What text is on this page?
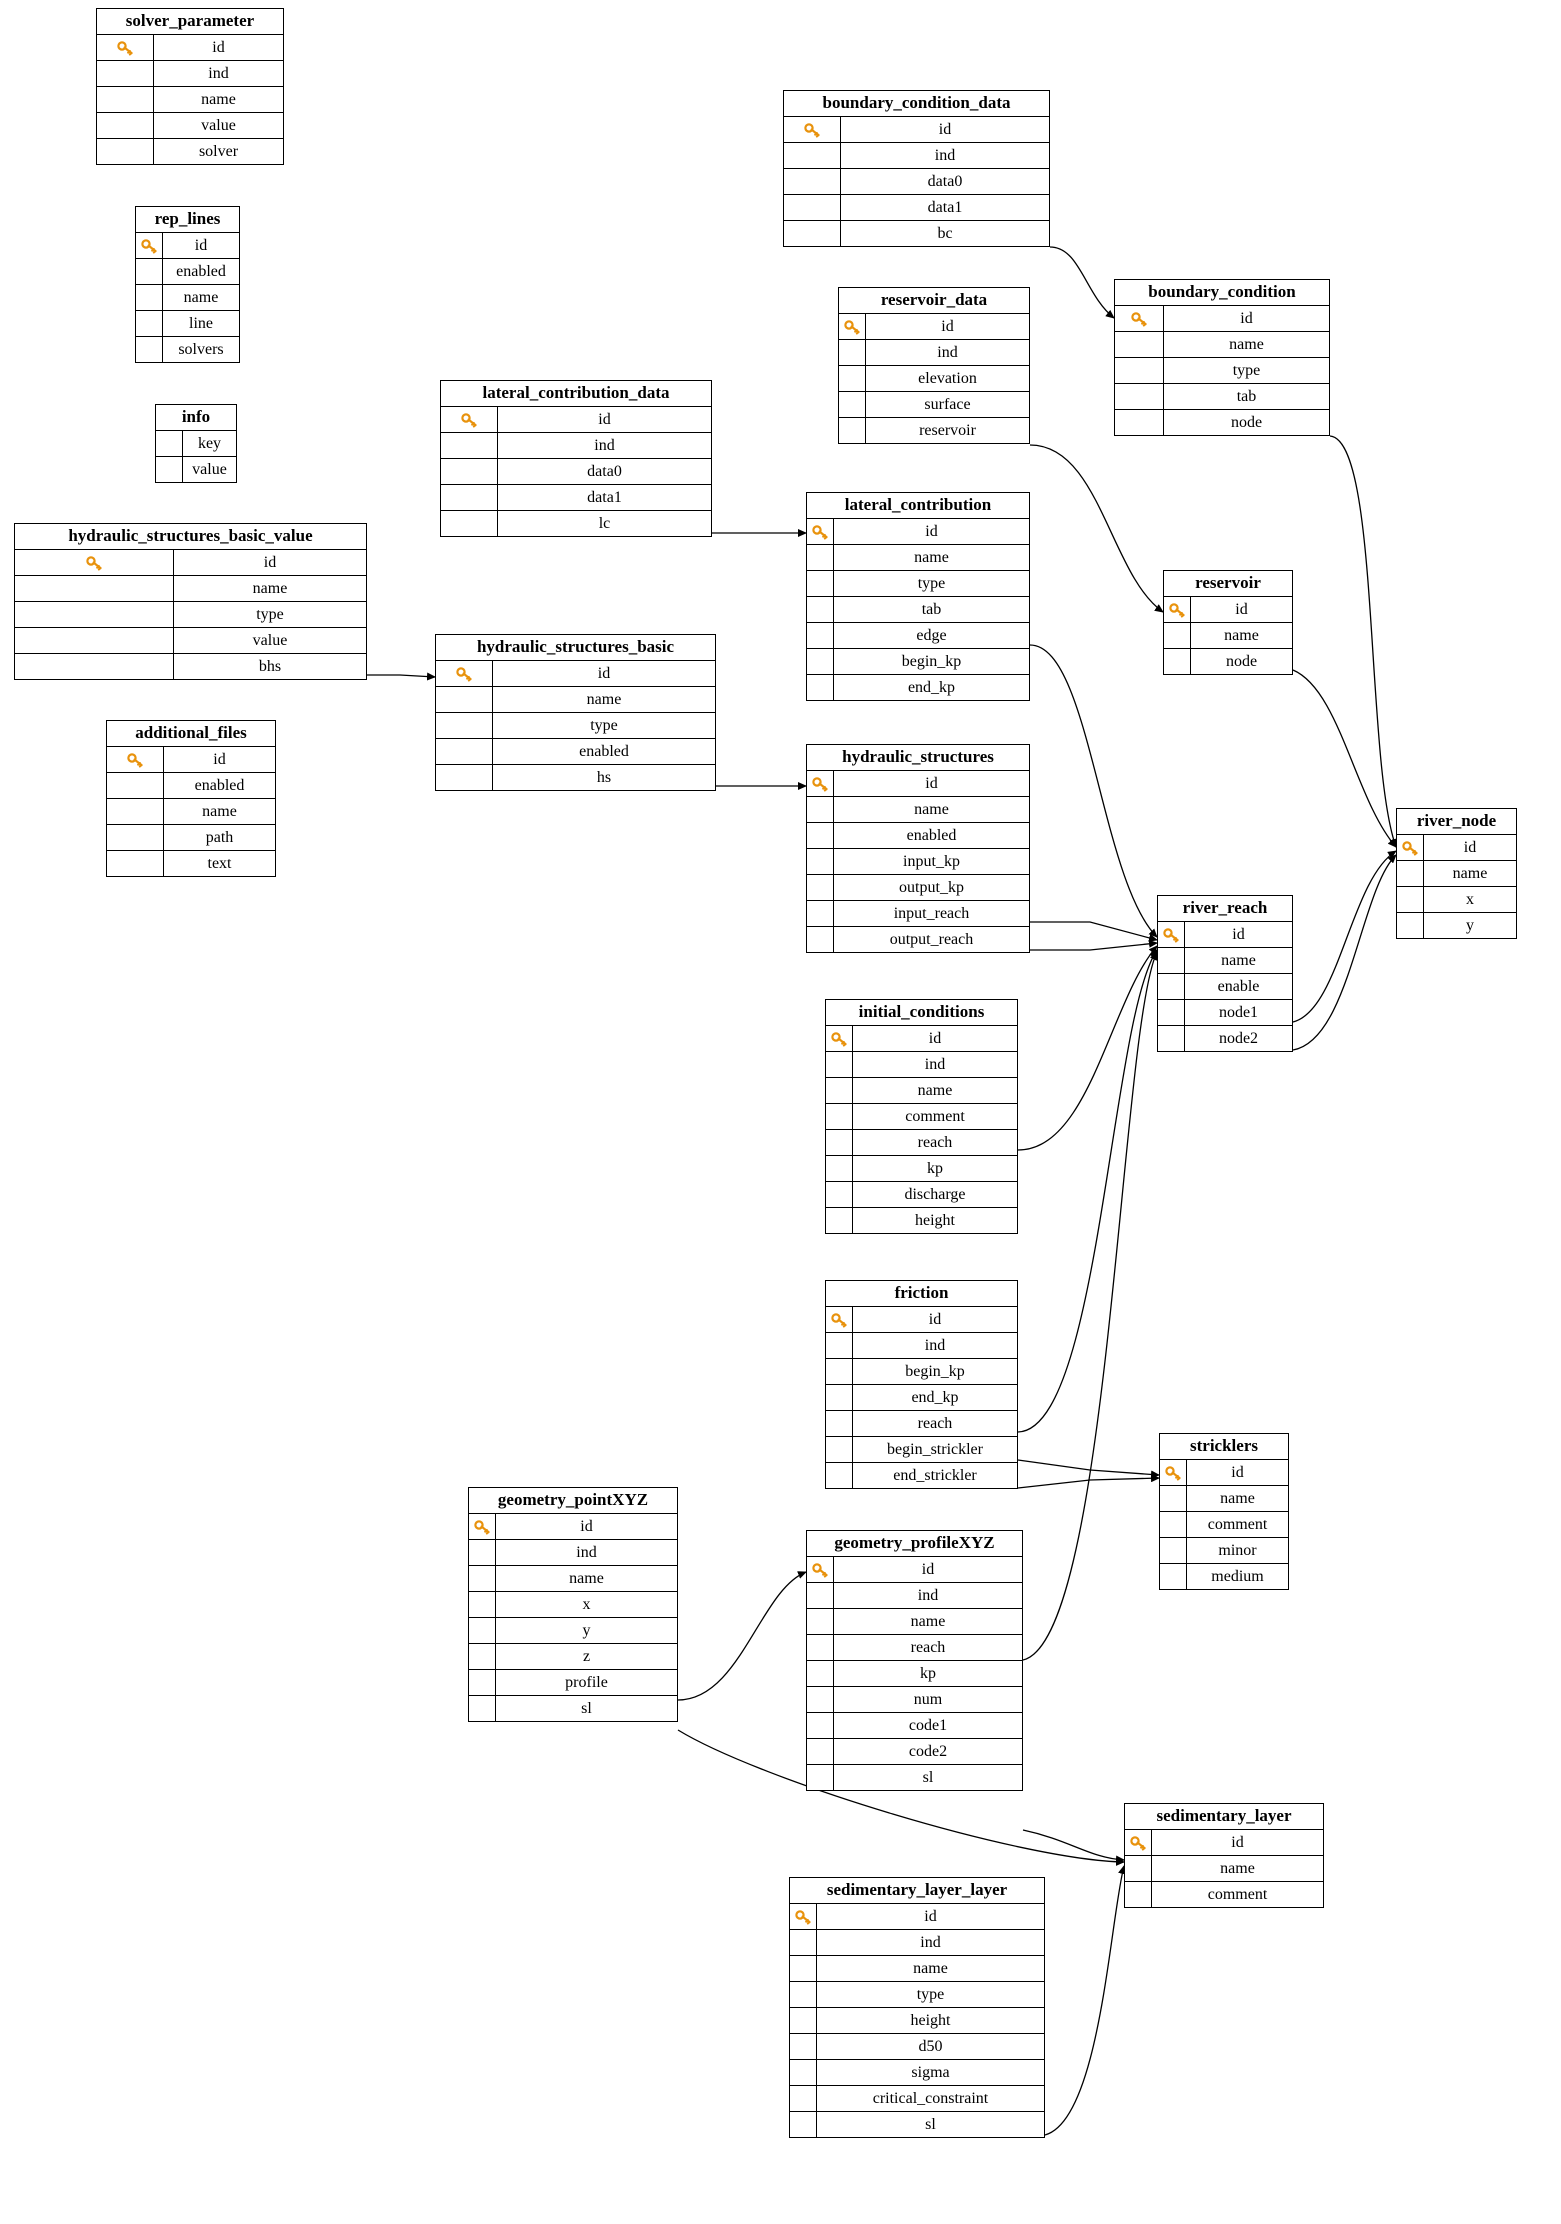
solver_parameter
id
ind
name
value
solver
rep_lines
id
enabled
name
line
solvers
info
key
value
hydraulic_structures_basic_value
id
name
type
value
bhs
additional_files
id
enabled
name
path
text
lateral_contribution_data
id
ind
data0
data1
lc
hydraulic_structures_basic
id
name
type
enabled
hs
boundary_condition_data
id
ind
data0
data1
bc
reservoir_data
id
ind
elevation
surface
reservoir
lateral_contribution
id
name
type
tab
edge
begin_kp
end_kp
hydraulic_structures
id
name
enabled
input_kp
output_kp
input_reach
output_reach
initial_conditions
id
ind
name
comment
reach
kp
discharge
height
friction
id
ind
begin_kp
end_kp
reach
begin_strickler
end_strickler
geometry_pointXYZ
id
ind
name
x
y
z
profile
sl
geometry_profileXYZ
id
ind
name
reach
kp
num
code1
code2
sl
sedimentary_layer_layer
id
ind
name
type
height
d50
sigma
critical_constraint
sl
boundary_condition
id
name
type
tab
node
reservoir
id
name
node
river_reach
id
name
enable
node1
node2
river_node
id
name
x
y
stricklers
id
name
comment
minor
medium
sedimentary_layer
id
name
comment
